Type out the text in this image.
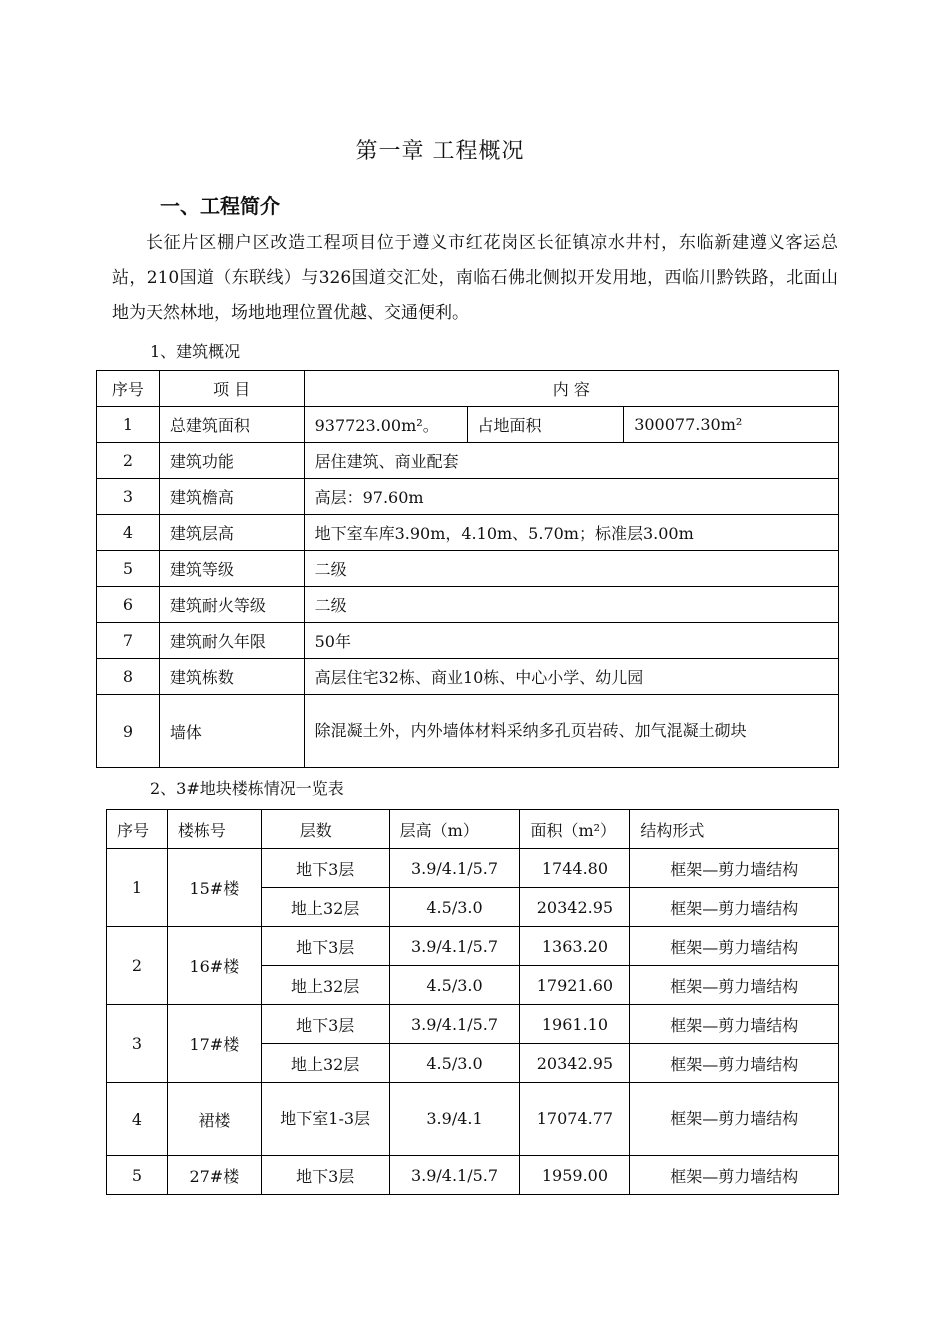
第一章 工程概况
一、工程简介
长征片区棚户区改造工程项目位于遵义市红花岗区长征镇凉水井村，东临新建遵义客运总站，210国道（东联线）与326国道交汇处，南临石佛北侧拟开发用地，西临川黔铁路，北面山地为天然林地，场地地理位置优越、交通便利。
1、建筑概况
序号	项 目	内 容		
1	总建筑面积	937723.00m²。	占地面积	300077.30m²
2	建筑功能	居住建筑、商业配套		
3	建筑檐高	高层：97.60m		
4	建筑层高	地下室车库3.90m，4.10m、5.70m；标准层3.00m		
5	建筑等级	二级		
6	建筑耐火等级	二级		
7	建筑耐久年限	50年		
8	建筑栋数	高层住宅32栋、商业10栋、中心小学、幼儿园		
9	墙体	除混凝土外，内外墙体材料采纳多孔页岩砖、加气混凝土砌块		
2、3#地块楼栋情况一览表
序号	楼栋号	层数	层高（m）	面积（m²）	结构形式
1	15#楼	地下3层	3.9/4.1/5.7	1744.80	框架—剪力墙结构
		地上32层	4.5/3.0	20342.95	框架—剪力墙结构
2	16#楼	地下3层	3.9/4.1/5.7	1363.20	框架—剪力墙结构
		地上32层	4.5/3.0	17921.60	框架—剪力墙结构
3	17#楼	地下3层	3.9/4.1/5.7	1961.10	框架—剪力墙结构
		地上32层	4.5/3.0	20342.95	框架—剪力墙结构
4	裙楼	地下室1-3层	3.9/4.1	17074.77	框架—剪力墙结构
5	27#楼	地下3层	3.9/4.1/5.7	1959.00	框架—剪力墙结构
